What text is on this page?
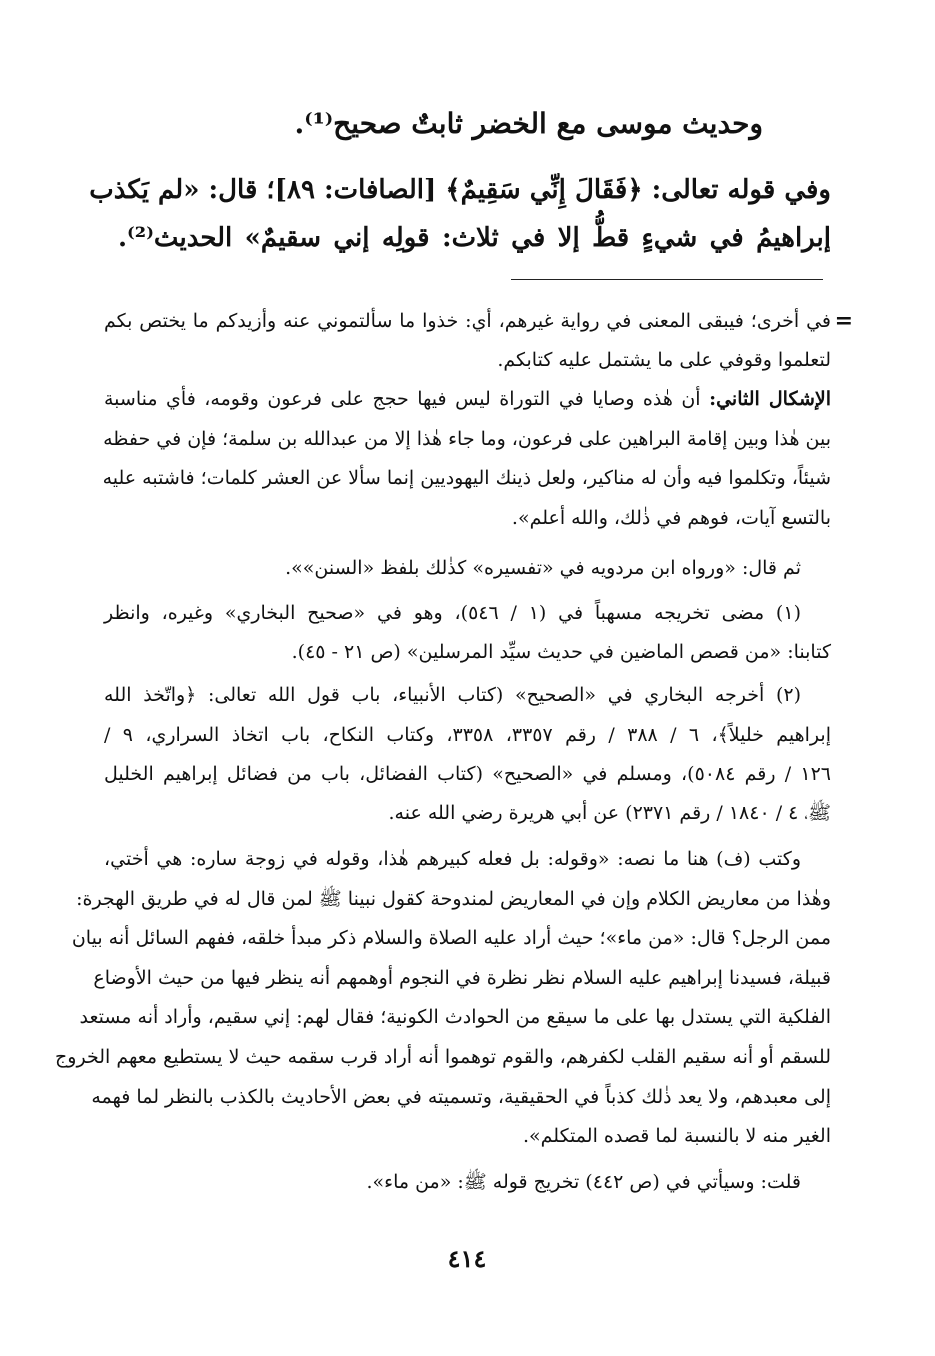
وحديث موسى مع الخضر ثابتٌ صحيح⁽¹⁾.
وفي قوله تعالى: ﴿فَقَالَ إِنِّي سَقِيمٌ﴾ [الصافات: ٨٩]؛ قال: «لم يَكذب
إبراهيمُ في شيءٍ قطُّ إلا في ثلاث: قولِه إني سقيمٌ» الحديث⁽²⁾.
=
في أخرى؛ فيبقى المعنى في رواية غيرهم، أي: خذوا ما سألتموني عنه وأزيدكم ما يختص بكم
لتعلموا وقوفي على ما يشتمل عليه كتابكم.
الإشكال الثاني: أن هٰذه وصايا في التوراة ليس فيها حجج على فرعون وقومه، فأي مناسبة
بين هٰذا وبين إقامة البراهين على فرعون، وما جاء هٰذا إلا من عبدالله بن سلمة؛ فإن في حفظه
شيئاً، وتكلموا فيه وأن له مناكير، ولعل ذينك اليهوديين إنما سألا عن العشر كلمات؛ فاشتبه عليه
بالتسع آيات، فوهم في ذٰلك، والله أعلم».
ثم قال: «ورواه ابن مردويه في «تفسيره» كذٰلك بلفظ «السنن»».
(١) مضى تخريجه مسهباً في (١ / ٥٤٦)، وهو في «صحيح البخاري» وغيره، وانظر
كتابنا: «من قصص الماضين في حديث سيِّد المرسلين» (ص ٢١ - ٤٥).
(٢) أخرجه البخاري في «الصحيح» (كتاب الأنبياء، باب قول الله تعالى: ﴿واتّخذ الله
إبراهيم خليلاً﴾، ٦ / ٣٨٨ / رقم ٣٣٥٧، ٣٣٥٨، وكتاب النكاح، باب اتخاذ السراري، ٩ /
١٢٦ / رقم ٥٠٨٤)، ومسلم في «الصحيح» (كتاب الفضائل، باب من فضائل إبراهيم الخليل
ﷺ، ٤ / ١٨٤٠ / رقم ٢٣٧١) عن أبي هريرة رضي الله عنه.
وكتب (ف) هنا ما نصه: «وقوله: بل فعله كبيرهم هٰذا، وقوله في زوجة ساره: هي أختي،
وهٰذا من معاريض الكلام وإن في المعاريض لمندوحة كقول نبينا ﷺ لمن قال له في طريق الهجرة:
ممن الرجل؟ قال: «من ماء»؛ حيث أراد عليه الصلاة والسلام ذكر مبدأ خلقه، ففهم السائل أنه بيان
قبيلة، فسيدنا إبراهيم عليه السلام نظر نظرة في النجوم أوهمهم أنه ينظر فيها من حيث الأوضاع
الفلكية التي يستدل بها على ما سيقع من الحوادث الكونية؛ فقال لهم: إني سقيم، وأراد أنه مستعد
للسقم أو أنه سقيم القلب لكفرهم، والقوم توهموا أنه أراد قرب سقمه حيث لا يستطيع معهم الخروج
إلى معبدهم، ولا يعد ذٰلك كذباً في الحقيقية، وتسميته في بعض الأحاديث بالكذب بالنظر لما فهمه
الغير منه لا بالنسبة لما قصده المتكلم».
قلت: وسيأتي في (ص ٤٤٢) تخريج قوله ﷺ: «من ماء».
٤١٤
